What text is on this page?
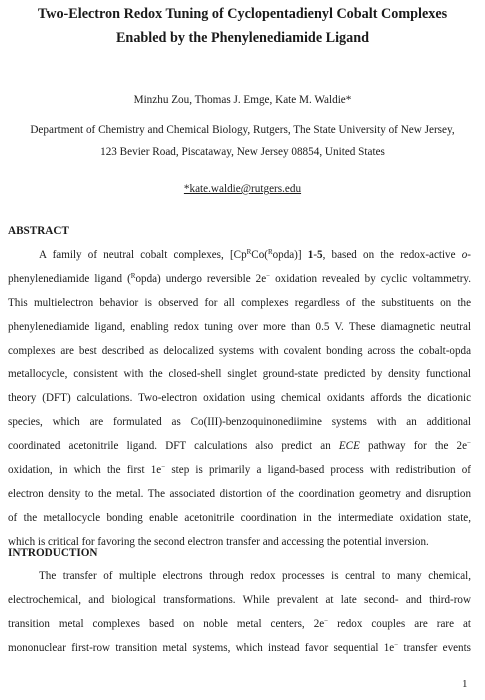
Two-Electron Redox Tuning of Cyclopentadienyl Cobalt Complexes
Enabled by the Phenylenediamide Ligand
Minzhu Zou, Thomas J. Emge, Kate M. Waldie*
Department of Chemistry and Chemical Biology, Rutgers, The State University of New Jersey,
123 Bevier Road, Piscataway, New Jersey 08854, United States
*kate.waldie@rutgers.edu
ABSTRACT
A family of neutral cobalt complexes, $[Cp^RCo(^Ropda)]$ 1-5, based on the redox-active o-
phenylenediamide ligand ($^R$opda) undergo reversible 2e− oxidation revealed by cyclic voltammetry.
This multielectron behavior is observed for all complexes regardless of the substituents on the
phenylenediamide ligand, enabling redox tuning over more than 0.5 V. These diamagnetic neutral
complexes are best described as delocalized systems with covalent bonding across the cobalt-opda
metallocycle, consistent with the closed-shell singlet ground-state predicted by density functional
theory (DFT) calculations. Two-electron oxidation using chemical oxidants affords the dicationic
species, which are formulated as Co(III)-benzoquinonediimine systems with an additional
coordinated acetonitrile ligand. DFT calculations also predict an ECE pathway for the 2e−
oxidation, in which the first 1e− step is primarily a ligand-based process with redistribution of
electron density to the metal. The associated distortion of the coordination geometry and disruption
of the metallocycle bonding enable acetonitrile coordination in the intermediate oxidation state,
which is critical for favoring the second electron transfer and accessing the potential inversion.
INTRODUCTION
The transfer of multiple electrons through redox processes is central to many chemical,
electrochemical, and biological transformations. While prevalent at late second- and third-row
transition metal complexes based on noble metal centers, 2e− redox couples are rare at
mononuclear first-row transition metal systems, which instead favor sequential 1e− transfer events
1
